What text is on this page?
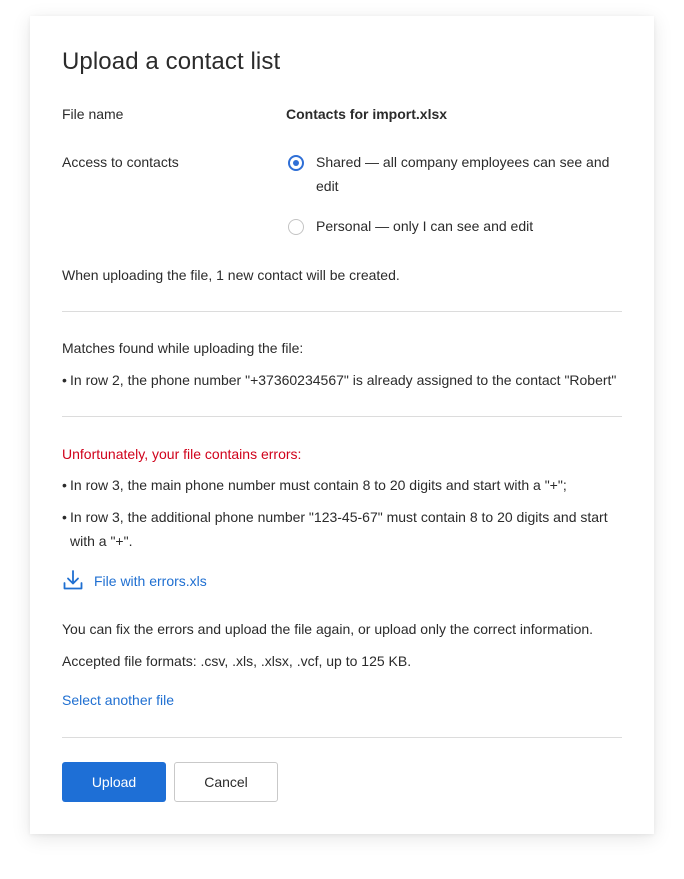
Upload a contact list
File name	Contacts for import.xlsx
Access to contacts	Shared — all company employees can see and
edit
Personal — only I can see and edit
When uploading the file, 1 new contact will be created.
Matches found while uploading the file:
• In row 2, the phone number "+37360234567" is already assigned to the contact "Robert"
Unfortunately, your file contains errors:
• In row 3, the main phone number must contain 8 to 20 digits and start with a "+";
• In row 3, the additional phone number "123-45-67" must contain 8 to 20 digits and start with a "+".
File with errors.xls
You can fix the errors and upload the file again, or upload only the correct information.
Accepted file formats: .csv, .xls, .xlsx, .vcf, up to 125 KB.
Select another file
Upload	Cancel
